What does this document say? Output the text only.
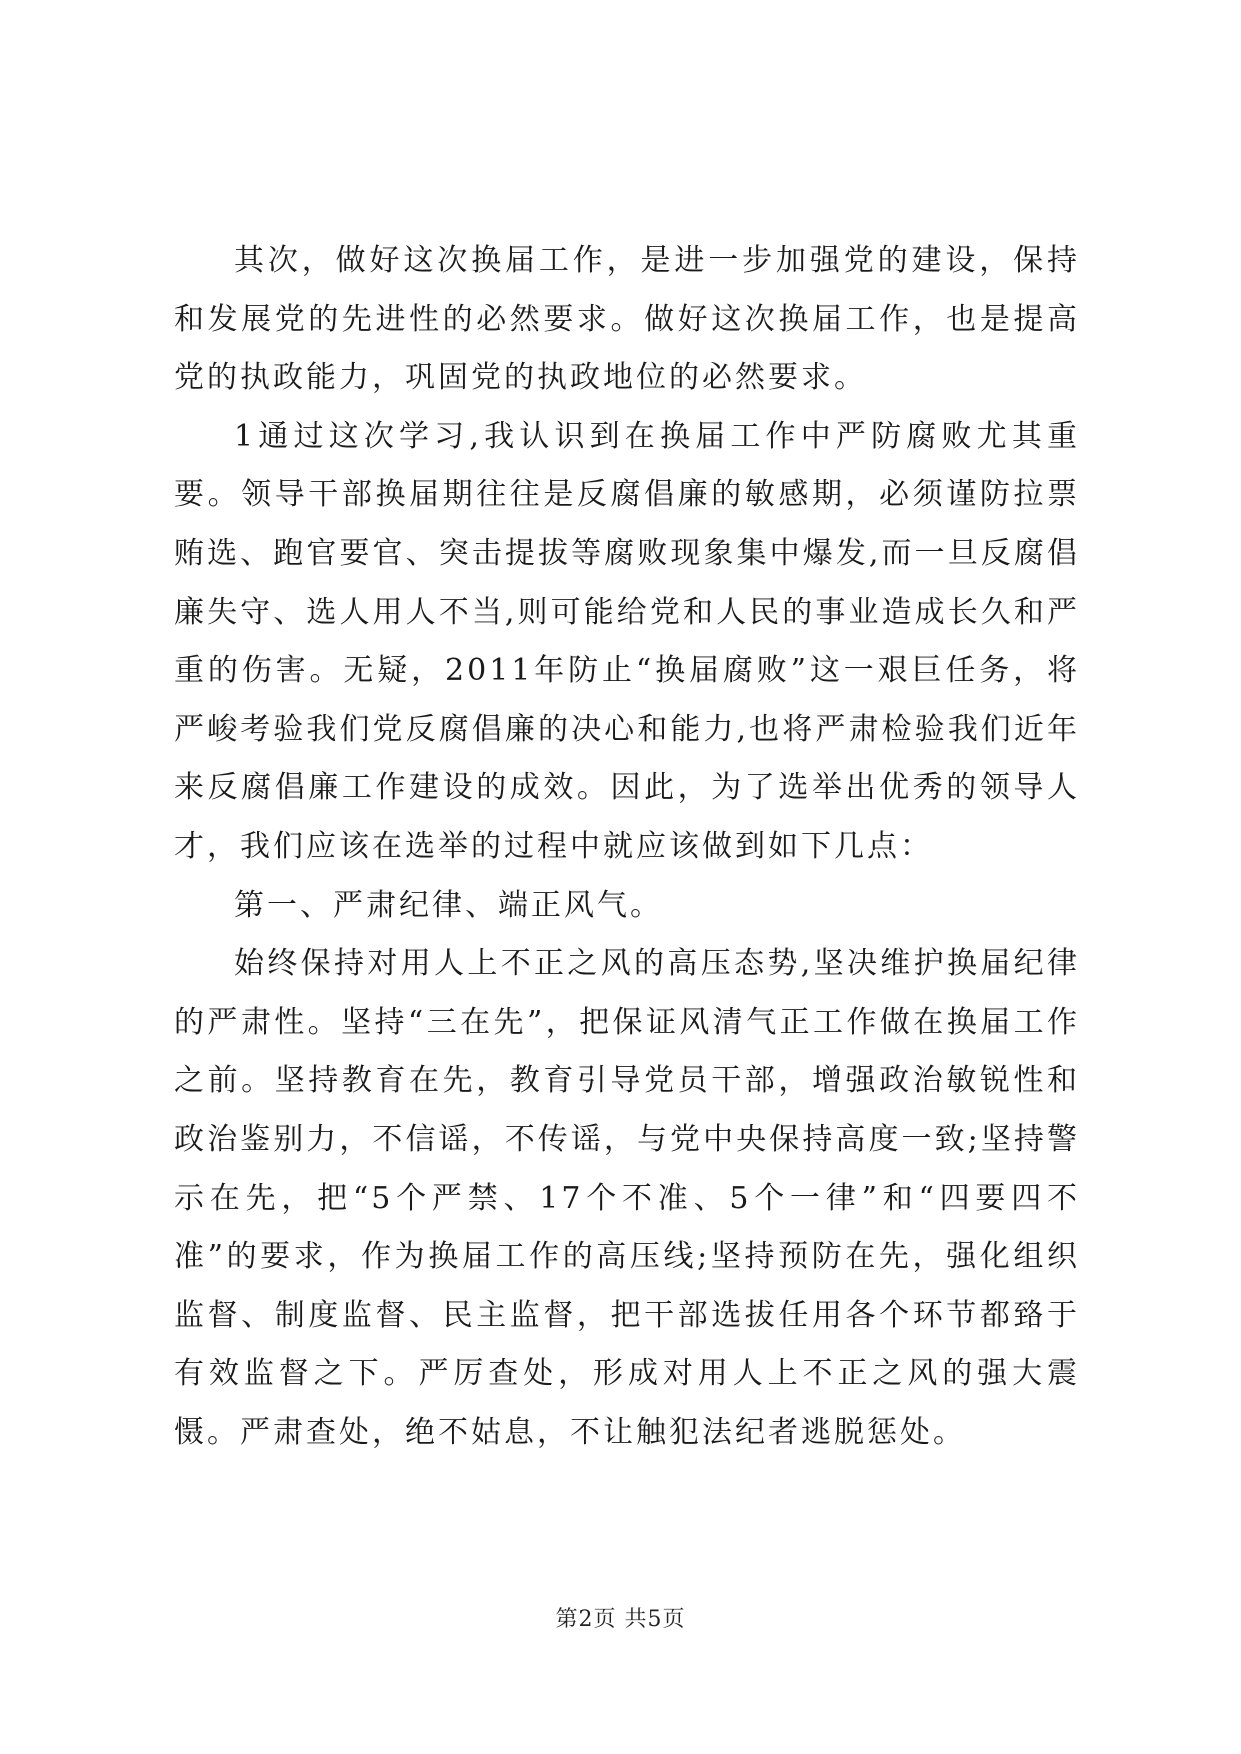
其次，做好这次换届工作，是进一步加强党的建设，保持和发展党的先进性的必然要求。做好这次换届工作，也是提高党的执政能力，巩固党的执政地位的必然要求。

1通过这次学习,我认识到在换届工作中严防腐败尤其重要。领导干部换届期往往是反腐倡廉的敏感期，必须谨防拉票贿选、跑官要官、突击提拔等腐败现象集中爆发,而一旦反腐倡廉失守、选人用人不当,则可能给党和人民的事业造成长久和严重的伤害。无疑，2011年防止“换届腐败”这一艰巨任务，将严峻考验我们党反腐倡廉的决心和能力,也将严肃检验我们近年来反腐倡廉工作建设的成效。因此，为了选举出优秀的领导人才，我们应该在选举的过程中就应该做到如下几点：

第一、严肃纪律、端正风气。

始终保持对用人上不正之风的高压态势,坚决维护换届纪律的严肃性。坚持“三在先”，把保证风清气正工作做在换届工作之前。坚持教育在先，教育引导党员干部，增强政治敏锐性和政治鉴别力，不信谣，不传谣，与党中央保持高度一致;坚持警示在先，把“5个严禁、17个不准、5个一律”和“四要四不准”的要求，作为换届工作的高压线;坚持预防在先，强化组织监督、制度监督、民主监督，把干部选拔任用各个环节都臵于有效监督之下。严厉查处，形成对用人上不正之风的强大震慑。严肃查处，绝不姑息，不让触犯法纪者逃脱惩处。

第2页 共5页
